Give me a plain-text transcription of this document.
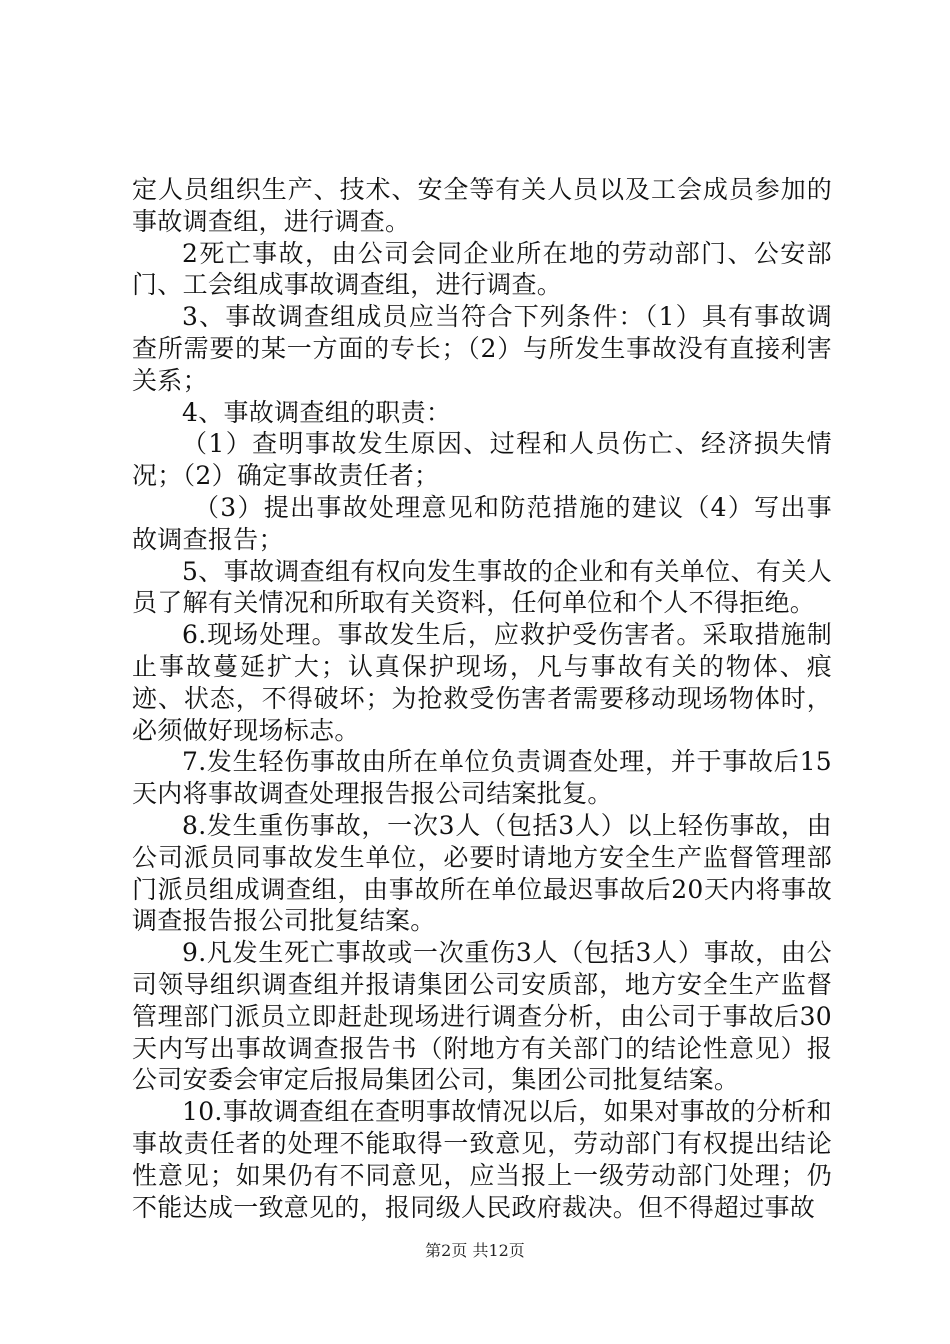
定人员组织生产、技术、安全等有关人员以及工会成员参加的事故调查组，进行调查。

2死亡事故，由公司会同企业所在地的劳动部门、公安部门、工会组成事故调查组，进行调查。

3、事故调查组成员应当符合下列条件：（1）具有事故调查所需要的某一方面的专长；（2）与所发生事故没有直接利害关系；

4、事故调查组的职责：

（1）查明事故发生原因、过程和人员伤亡、经济损失情况；（2）确定事故责任者；

（3）提出事故处理意见和防范措施的建议（4）写出事故调查报告；

5、事故调查组有权向发生事故的企业和有关单位、有关人员了解有关情况和所取有关资料，任何单位和个人不得拒绝。

6.现场处理。事故发生后，应救护受伤害者。采取措施制止事故蔓延扩大；认真保护现场，凡与事故有关的物体、痕迹、状态，不得破坏；为抢救受伤害者需要移动现场物体时，必须做好现场标志。

7.发生轻伤事故由所在单位负责调查处理，并于事故后15天内将事故调查处理报告报公司结案批复。

8.发生重伤事故，一次3人（包括3人）以上轻伤事故，由公司派员同事故发生单位，必要时请地方安全生产监督管理部门派员组成调查组，由事故所在单位最迟事故后20天内将事故调查报告报公司批复结案。

9.凡发生死亡事故或一次重伤3人（包括3人）事故，由公司领导组织调查组并报请集团公司安质部，地方安全生产监督管理部门派员立即赶赴现场进行调查分析，由公司于事故后30天内写出事故调查报告书（附地方有关部门的结论性意见）报公司安委会审定后报局集团公司，集团公司批复结案。

10.事故调查组在查明事故情况以后，如果对事故的分析和事故责任者的处理不能取得一致意见，劳动部门有权提出结论性意见；如果仍有不同意见，应当报上一级劳动部门处理；仍不能达成一致意见的，报同级人民政府裁决。但不得超过事故

第2页 共12页
